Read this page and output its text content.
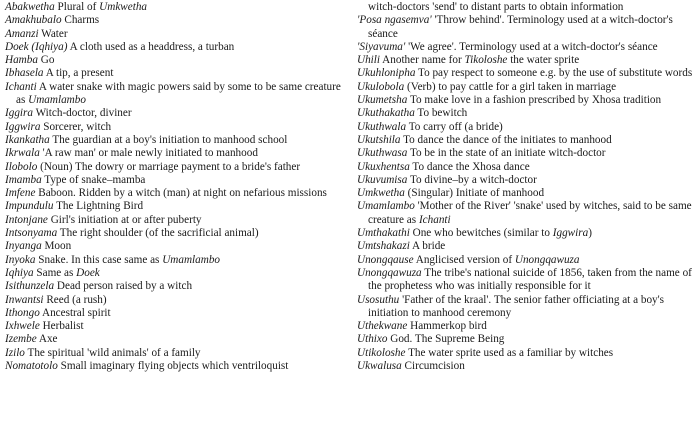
Abakwetha Plural of Umkwetha
Amakhubalo Charms
Amanzi Water
Doek (Iqhiya) A cloth used as a headdress, a turban
Hamba Go
Ibhasela A tip, a present
Ichanti A water snake with magic powers said by some to be same creature as Umamlambo
Iggira Witch-doctor, diviner
Iggwira Sorcerer, witch
Ikankatha The guardian at a boy's initiation to manhood school
Ikrwala 'A raw man' or male newly initiated to manhood
Ilobolo (Noun) The dowry or marriage payment to a bride's father
Imamba Type of snake–mamba
Imfene Baboon. Ridden by a witch (man) at night on nefarious missions
Impundulu The Lightning Bird
Intonjane Girl's initiation at or after puberty
Intsonyama The right shoulder (of the sacrificial animal)
Inyanga Moon
Inyoka Snake. In this case same as Umamlambo
Iqhiya Same as Doek
Isithunzela Dead person raised by a witch
Inwantsi Reed (a rush)
Ithongo Ancestral spirit
Ixhwele Herbalist
Izembe Axe
Izilo The spiritual 'wild animals' of a family
Nomatotolo Small imaginary flying objects which ventriloquist
witch-doctors 'send' to distant parts to obtain information
'Posa ngasemva' 'Throw behind'. Terminology used at a witch-doctor's séance
'Siyavuma' 'We agree'. Terminology used at a witch-doctor's séance
Uhili Another name for Tikoloshe the water sprite
Ukuhlonipha To pay respect to someone e.g. by the use of substitute words
Ukulobola (Verb) to pay cattle for a girl taken in marriage
Ukumetsha To make love in a fashion prescribed by Xhosa tradition
Ukuthakatha To bewitch
Ukuthwala To carry off (a bride)
Ukutshila To dance the dance of the initiates to manhood
Ukuthwasa To be in the state of an initiate witch-doctor
Ukuxhentsa To dance the Xhosa dance
Ukuvumisa To divine–by a witch-doctor
Umkwetha (Singular) Initiate of manhood
Umamlambo 'Mother of the River' 'snake' used by witches, said to be same creature as Ichanti
Umthakathi One who bewitches (similar to Iggwira)
Umtshakazi A bride
Unongqause Anglicised version of Unongqawuza
Unongqawuza The tribe's national suicide of 1856, taken from the name of the prophetess who was initially responsible for it
Usosuthu 'Father of the kraal'. The senior father officiating at a boy's initiation to manhood ceremony
Uthekwane Hammerkop bird
Uthixo God. The Supreme Being
Utikoloshe The water sprite used as a familiar by witches
Ukwalusa Circumcision
